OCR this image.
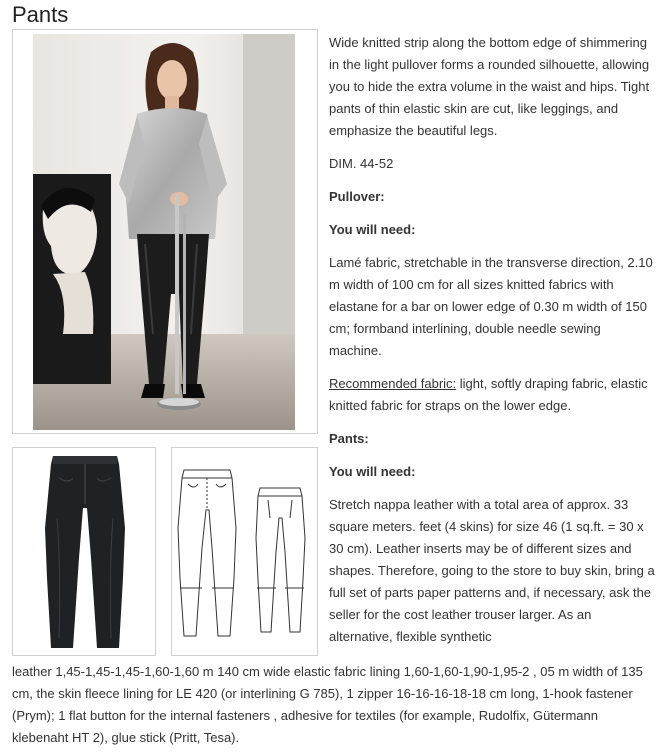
Pants

Wide knitted strip along the bottom edge of shimmering in the light pullover forms a rounded silhouette, allowing you to hide the extra volume in the waist and hips. Tight pants of thin elastic skin are cut, like leggings, and emphasize the beautiful legs.

DIM. 44-52

Pullover:

You will need:

Lamé fabric, stretchable in the transverse direction, 2.10 m width of 100 cm for all sizes knitted fabrics with elastane for a bar on lower edge of 0.30 m width of 150 cm; formband interlining, double needle sewing machine.

Recommended fabric: light, softly draping fabric, elastic knitted fabric for straps on the lower edge.

Pants:

You will need:

Stretch nappa leather with a total area of approx. 33 square meters. feet (4 skins) for size 46 (1 sq.ft. = 30 x 30 cm). Leather inserts may be of different sizes and shapes. Therefore, going to the store to buy skin, bring a full set of parts paper patterns and, if necessary, ask the seller for the cost leather trouser larger. As an alternative, flexible synthetic

leather 1,45-1,45-1,45-1,60-1,60 m 140 cm wide elastic fabric lining 1,60-1,60-1,90-1,95-2 , 05 m width of 135 cm, the skin fleece lining for LE 420 (or interlining G 785), 1 zipper 16-16-16-18-18 cm long, 1-hook fastener (Prym); 1 flat button for the internal fasteners , adhesive for textiles (for example, Rudolfix, Gütermann klebenaht HT 2), glue stick (Pritt, Tesa).
